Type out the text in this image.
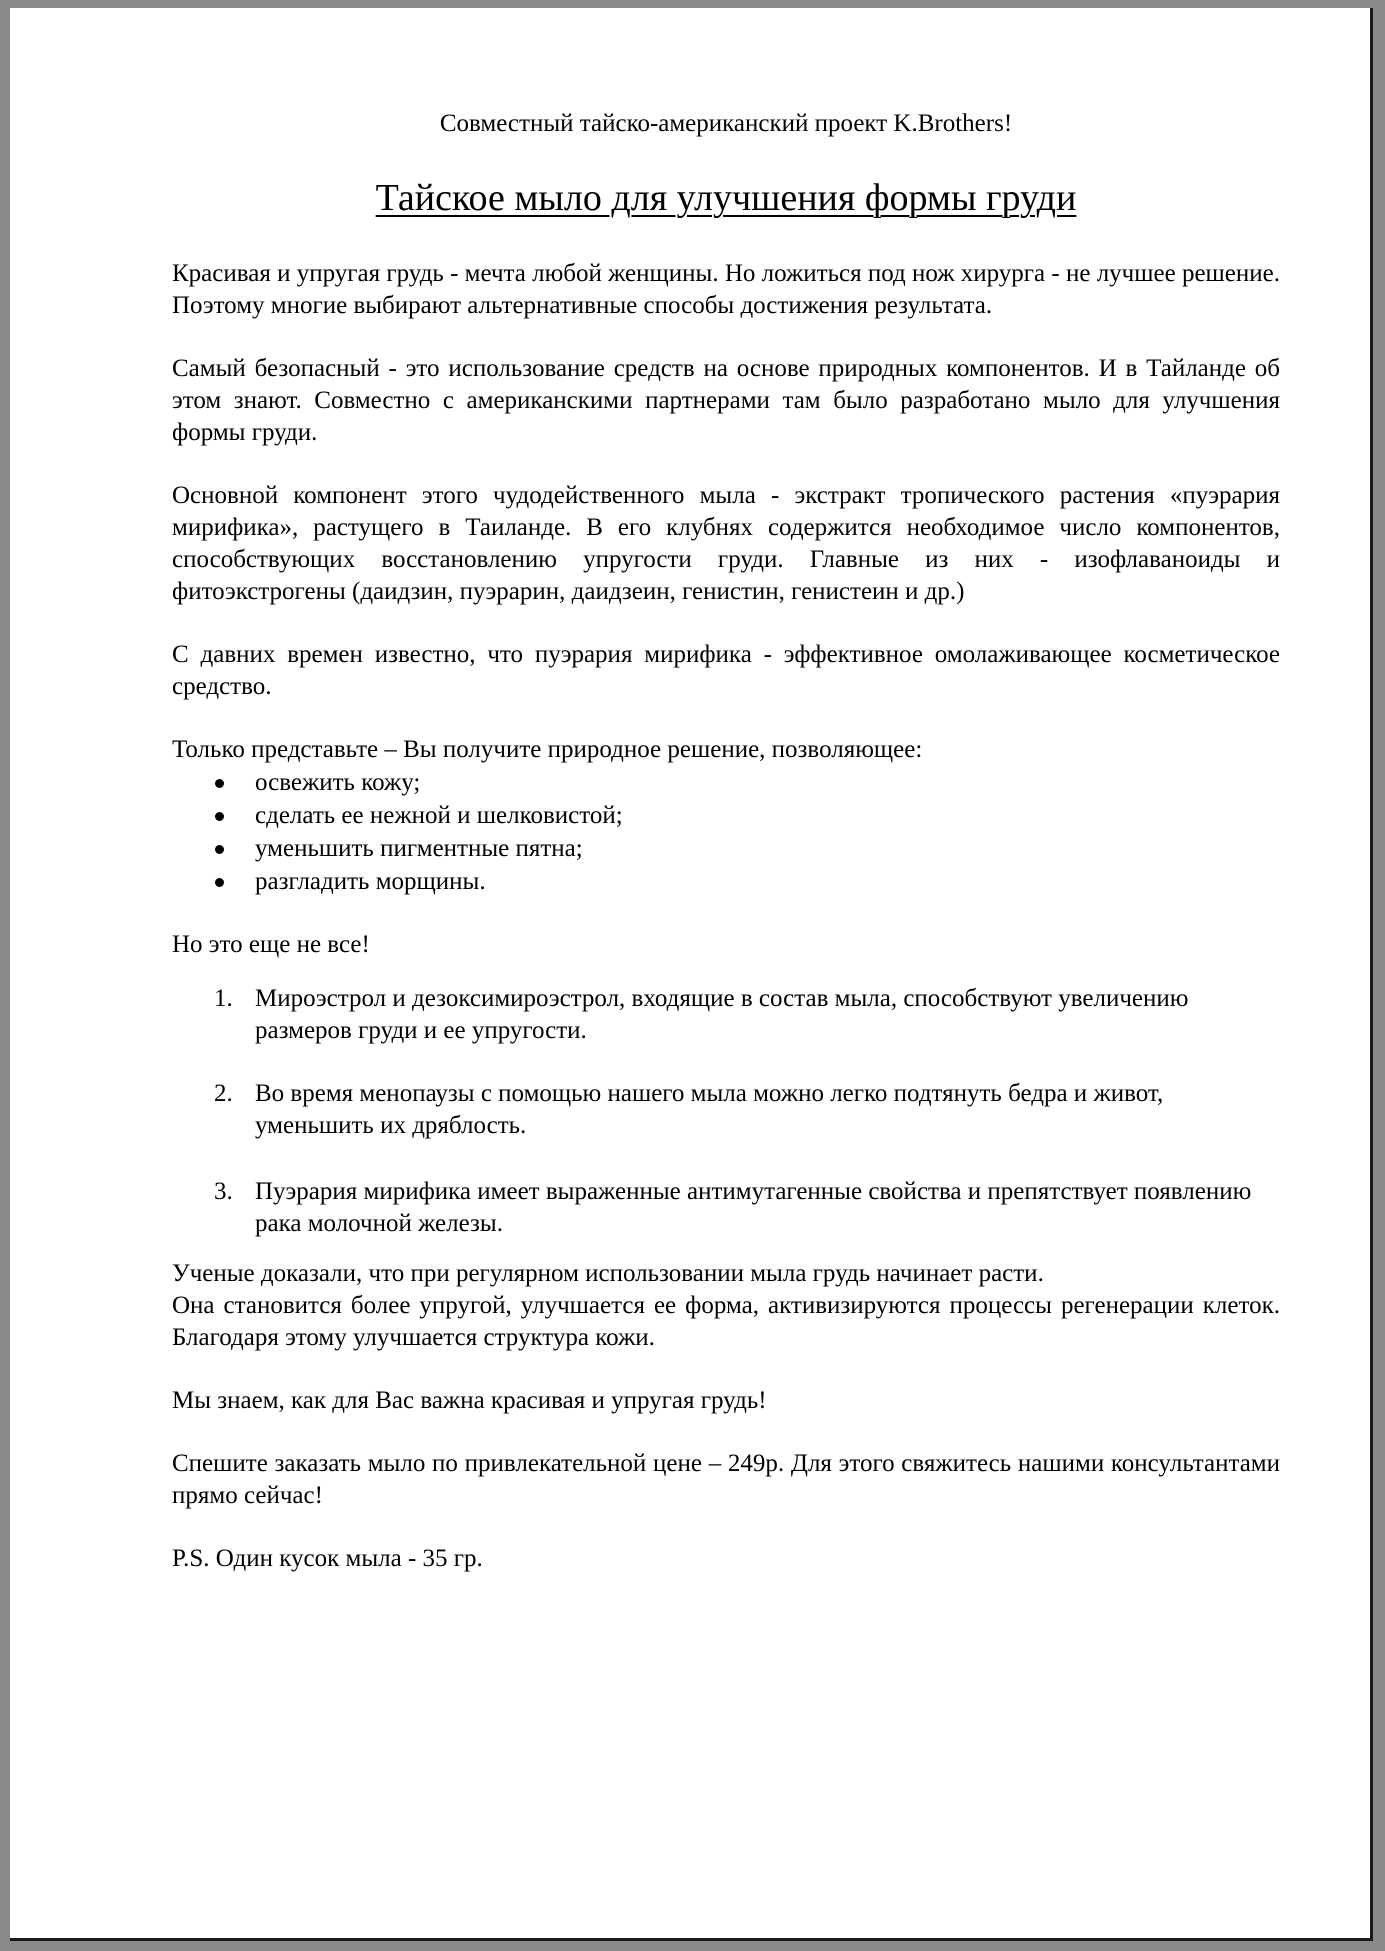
Совместный тайско-американский проект K.Brothers!

Тайское мыло для улучшения формы груди

Красивая и упругая грудь - мечта любой женщины. Но ложиться под нож хирурга - не лучшее решение. Поэтому многие выбирают альтернативные способы достижения результата.

Самый безопасный - это использование средств на основе природных компонентов. И в Тайланде об этом знают. Совместно с американскими партнерами там было разработано мыло для улучшения формы груди.

Основной компонент этого чудодейственного мыла - экстракт тропического растения «пуэрария мирифика», растущего в Таиланде. В его клубнях содержится необходимое число компонентов, способствующих восстановлению упругости груди. Главные из них - изофлаваноиды и фитоэкстрогены (даидзин, пуэрарин, даидзеин, генистин, генистеин и др.)

С давних времен известно, что пуэрария мирифика - эффективное омолаживающее косметическое средство.

Только представьте – Вы получите природное решение, позволяющее:

освежить кожу;
сделать ее нежной и шелковистой;
уменьшить пигментные пятна;
разгладить морщины.

Но это еще не все!

1. Мироэстрол и дезоксимироэстрол, входящие в состав мыла, способствуют увеличению размеров груди и ее упругости.
2. Во время менопаузы с помощью нашего мыла можно легко подтянуть бедра и живот, уменьшить их дряблость.
3. Пуэрария мирифика имеет выраженные антимутагенные свойства и препятствует появлению рака молочной железы.

Ученые доказали, что при регулярном использовании мыла грудь начинает расти.

Она становится более упругой, улучшается ее форма, активизируются процессы регенерации клеток. Благодаря этому улучшается структура кожи.

Мы знаем, как для Вас важна красивая и упругая грудь!

Спешите заказать мыло по привлекательной цене – 249р. Для этого свяжитесь нашими консультантами прямо сейчас!

P.S. Один кусок мыла - 35 гр.
